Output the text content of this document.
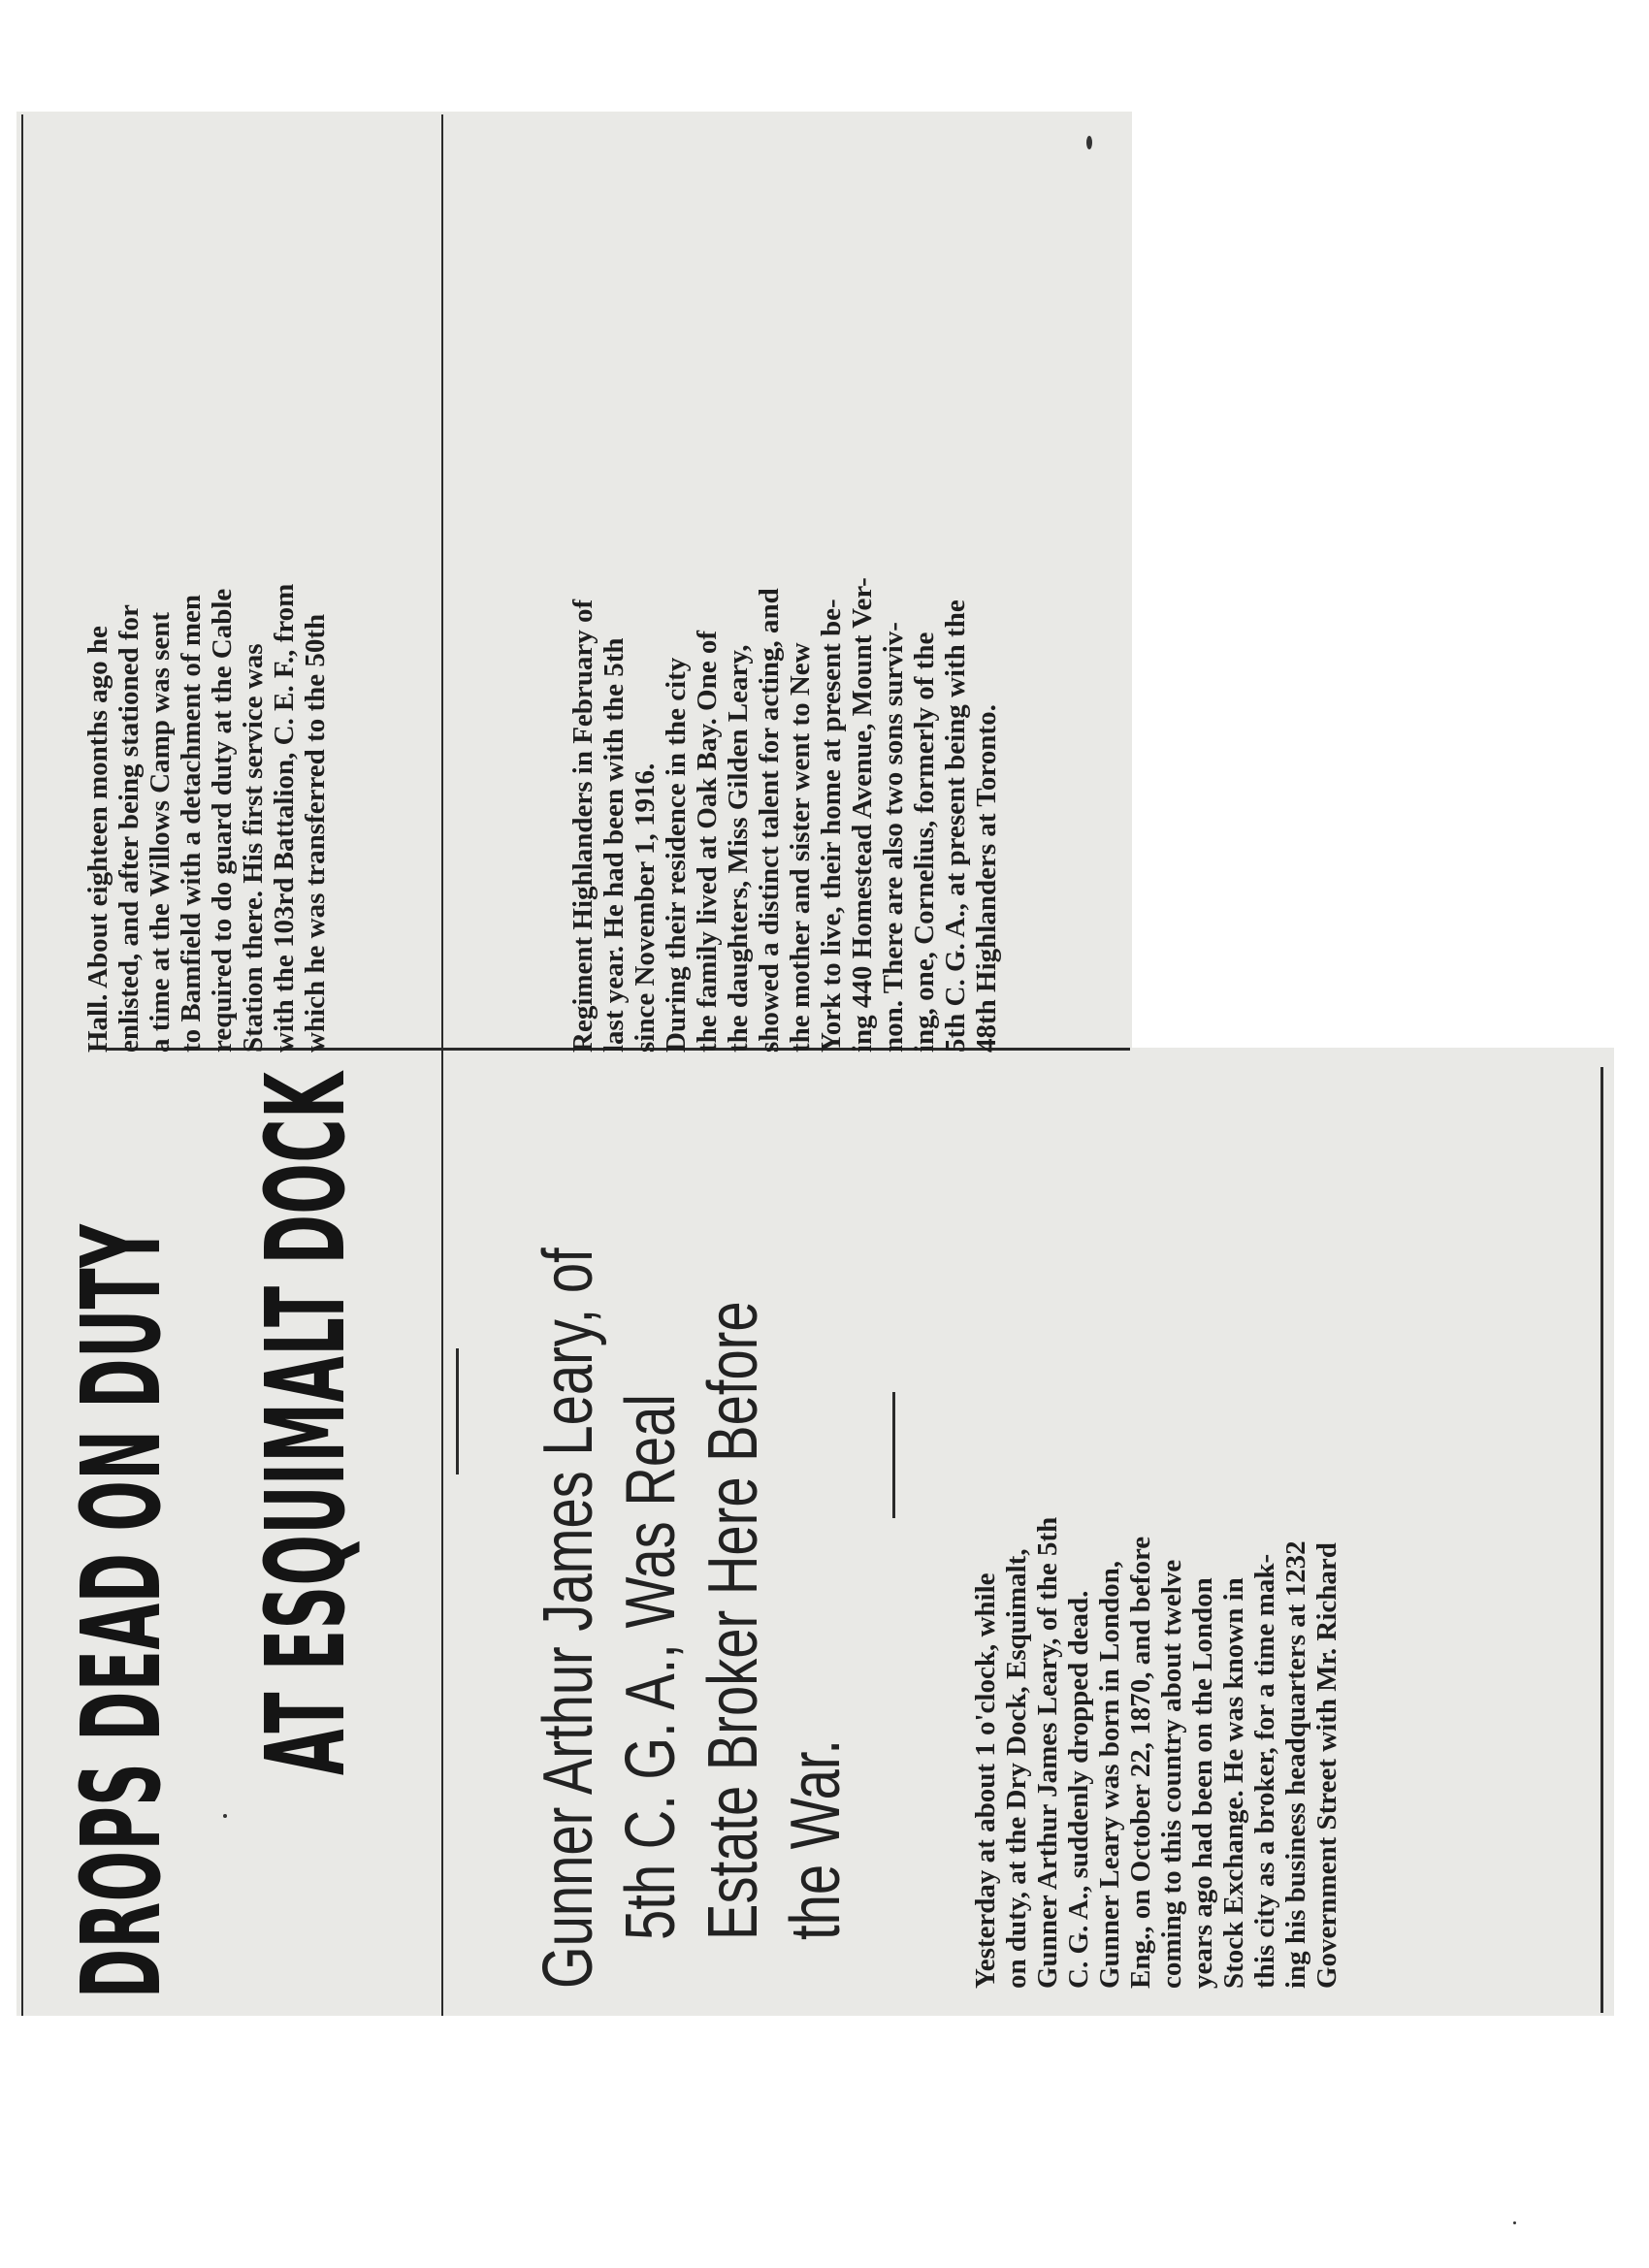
DROPS DEAD ON DUTY AT ESQUIMALT DOCK Gunner Arthur James Leary, of 5th C. G. A., Was Real Estate Broker Here Before the War.	Yesterday at about 1 o'clock, while on duty, at the Dry Dock, Esquimalt, Gunner Arthur James Leary, of the 5th C. G. A., suddenly dropped dead. Gunner Leary was born in London, Eng., on October 22, 1870, and before coming to this country about twelve years ago had been on the London Stock Exchange. He was known in this city as a broker, for a time mak- ing his business headquarters at 1232 Government Street with Mr. Richard
Hall. About eighteen months ago he enlisted, and after being stationed for a time at the Willows Camp was sent to Bamfield with a detachment of men required to do guard duty at the Cable Station there. His first service was with the 103rd Battalion, C. E. F., from which he was transferred to the 50th	Regiment Highlanders in February of last year. He had been with the 5th since November 1, 1916. During their residence in the city the family lived at Oak Bay. One of the daughters, Miss Gilden Leary, showed a distinct talent for acting, and the mother and sister went to New York to live, their home at present be- ing 440 Homestead Avenue, Mount Ver- non. There are also two sons surviv- ing, one, Cornelius, formerly of the 5th C. G. A., at present being with the 48th Highlanders at Toronto.
